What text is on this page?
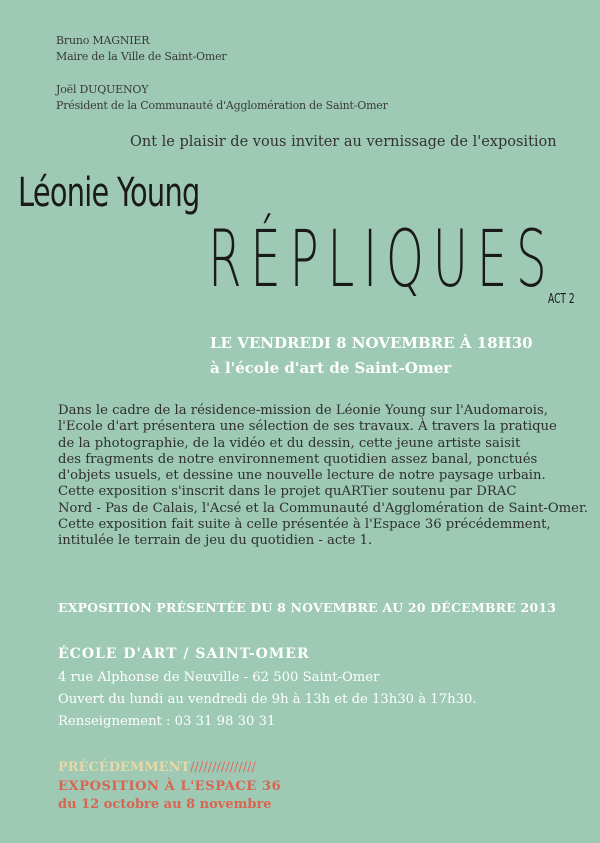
Bruno MAGNIER
Maire de la Ville de Saint-Omer
Joël DUQUENOY
Président de la Communauté d'Agglomération de Saint-Omer
Ont le plaisir de vous inviter au vernissage de l'exposition
Léonie Young
RÉPLIQUES
ACT 2
LE VENDREDI 8 NOVEMBRE À 18H30
à l'école d'art de Saint-Omer
Dans le cadre de la résidence-mission de Léonie Young sur l'Audomarois,
l'Ecole d'art présentera une sélection de ses travaux. À travers la pratique
de la photographie, de la vidéo et du dessin, cette jeune artiste saisit
des fragments de notre environnement quotidien assez banal, ponctués
d'objets usuels, et dessine une nouvelle lecture de notre paysage urbain.
Cette exposition s'inscrit dans le projet quARTier soutenu par DRAC
Nord - Pas de Calais, l'Acsé et la Communauté d'Agglomération de Saint-Omer.
Cette exposition fait suite à celle présentée à l'Espace 36 précédemment,
intitulée le terrain de jeu du quotidien - acte 1.
EXPOSITION PRÉSENTÉE DU 8 NOVEMBRE AU 20 DÉCEMBRE 2013
ÉCOLE D'ART / SAINT-OMER
4 rue Alphonse de Neuville - 62 500 Saint-Omer
Ouvert du lundi au vendredi de 9h à 13h et de 13h30 à 17h30.
Renseignement : 03 31 98 30 31
PRÉCÉDEMMENT///////////////
EXPOSITION À L'ESPACE 36
du 12 octobre au 8 novembre
